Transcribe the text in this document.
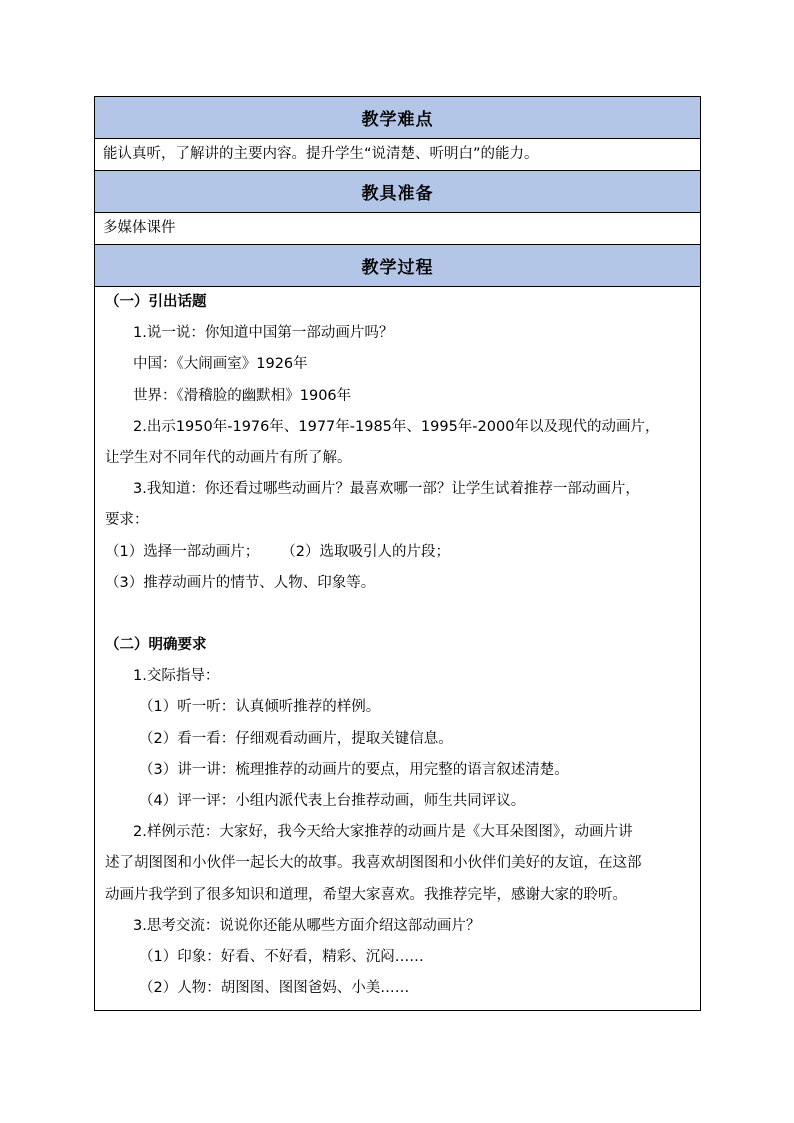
教学难点
能认真听，了解讲的主要内容。提升学生“说清楚、听明白”的能力。
教具准备
多媒体课件
教学过程

（一）引出话题

1.说一说：你知道中国第一部动画片吗？

中国：《大闹画室》1926年

世界：《滑稽脸的幽默相》1906年

2.出示1950年-1976年、1977年-1985年、1995年-2000年以及现代的动画片，

让学生对不同年代的动画片有所了解。

3.我知道：你还看过哪些动画片？最喜欢哪一部？让学生试着推荐一部动画片，

要求：

（1）选择一部动画片； （2）选取吸引人的片段；

（3）推荐动画片的情节、人物、印象等。

（二）明确要求

1.交际指导：

（1）听一听：认真倾听推荐的样例。

（2）看一看：仔细观看动画片，提取关键信息。

（3）讲一讲：梳理推荐的动画片的要点，用完整的语言叙述清楚。

（4）评一评：小组内派代表上台推荐动画，师生共同评议。

2.样例示范：大家好，我今天给大家推荐的动画片是《大耳朵图图》，动画片讲

述了胡图图和小伙伴一起长大的故事。我喜欢胡图图和小伙伴们美好的友谊，在这部

动画片我学到了很多知识和道理，希望大家喜欢。我推荐完毕，感谢大家的聆听。

3.思考交流：说说你还能从哪些方面介绍这部动画片？

（1）印象：好看、不好看，精彩、沉闷……

（2）人物：胡图图、图图爸妈、小美……
